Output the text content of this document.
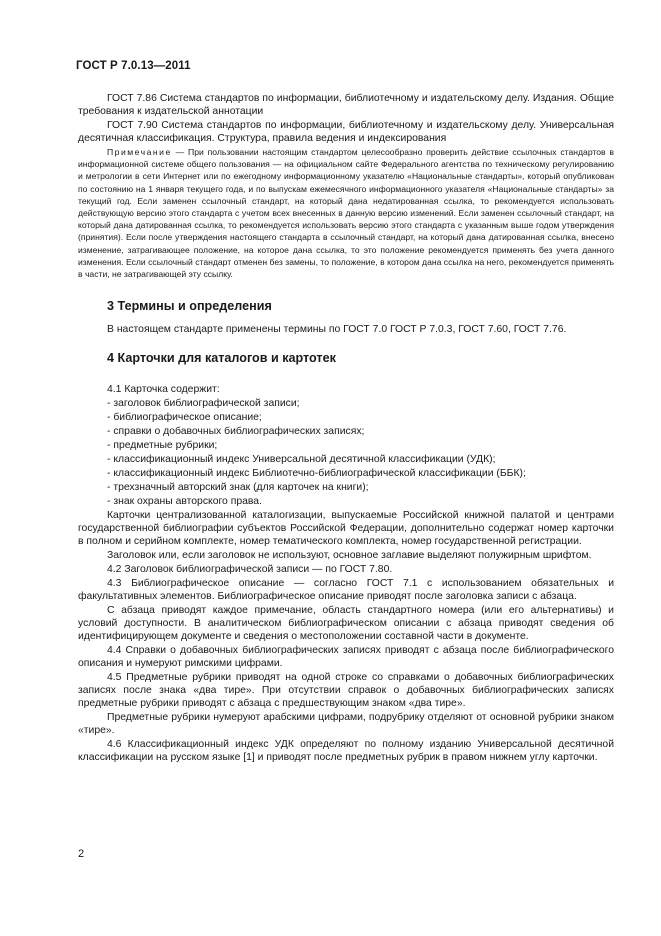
ГОСТ Р 7.0.13—2011

ГОСТ 7.86 Система стандартов по информации, библиотечному и издательскому делу. Издания. Общие требования к издательской аннотации

ГОСТ 7.90 Система стандартов по информации, библиотечному и издательскому делу. Универсальная десятичная классификация. Структура, правила ведения и индексирования

Примечание — При пользовании настоящим стандартом целесообразно проверить действие ссылочных стандартов в информационной системе общего пользования — на официальном сайте Федерального агентства по техническому регулированию и метрологии в сети Интернет или по ежегодному информационному указателю «Национальные стандарты», который опубликован по состоянию на 1 января текущего года, и по выпускам ежемесячного информационного указателя «Национальные стандарты» за текущий год. Если заменен ссылочный стандарт, на который дана недатированная ссылка, то рекомендуется использовать действующую версию этого стандарта с учетом всех внесенных в данную версию изменений. Если заменен ссылочный стандарт, на который дана датированная ссылка, то рекомендуется использовать версию этого стандарта с указанным выше годом утверждения (принятия). Если после утверждения настоящего стандарта в ссылочный стандарт, на который дана датированная ссылка, внесено изменение, затрагивающее положение, на которое дана ссылка, то это положение рекомендуется применять без учета данного изменения. Если ссылочный стандарт отменен без замены, то положение, в котором дана ссылка на него, рекомендуется применять в части, не затрагивающей эту ссылку.

3 Термины и определения

В настоящем стандарте применены термины по ГОСТ 7.0 ГОСТ Р 7.0.3, ГОСТ 7.60, ГОСТ 7.76.

4 Карточки для каталогов и картотек

4.1 Карточка содержит:

- заголовок библиографической записи;

- библиографическое описание;

- справки о добавочных библиографических записях;

- предметные рубрики;

- классификационный индекс Универсальной десятичной классификации (УДК);

- классификационный индекс Библиотечно-библиографической классификации (ББК);

- трехзначный авторский знак (для карточек на книги);

- знак охраны авторского права.

Карточки централизованной каталогизации, выпускаемые Российской книжной палатой и центрами государственной библиографии субъектов Российской Федерации, дополнительно содержат номер карточки в полном и серийном комплекте, номер тематического комплекта, номер государственной регистрации.

Заголовок или, если заголовок не используют, основное заглавие выделяют полужирным шрифтом.

4.2 Заголовок библиографической записи — по ГОСТ 7.80.

4.3 Библиографическое описание — согласно ГОСТ 7.1 с использованием обязательных и факультативных элементов. Библиографическое описание приводят после заголовка записи с абзаца.

С абзаца приводят каждое примечание, область стандартного номера (или его альтернативы) и условий доступности. В аналитическом библиографическом описании с абзаца приводят сведения об идентифицирующем документе и сведения о местоположении составной части в документе.

4.4 Справки о добавочных библиографических записях приводят с абзаца после библиографического описания и нумеруют римскими цифрами.

4.5 Предметные рубрики приводят на одной строке со справками о добавочных библиографических записях после знака «два тире». При отсутствии справок о добавочных библиографических записях предметные рубрики приводят с абзаца с предшествующим знаком «два тире».

Предметные рубрики нумеруют арабскими цифрами, подрубрику отделяют от основной рубрики знаком «тире».

4.6 Классификационный индекс УДК определяют по полному изданию Универсальной десятичной классификации на русском языке [1] и приводят после предметных рубрик в правом нижнем углу карточки.

2
